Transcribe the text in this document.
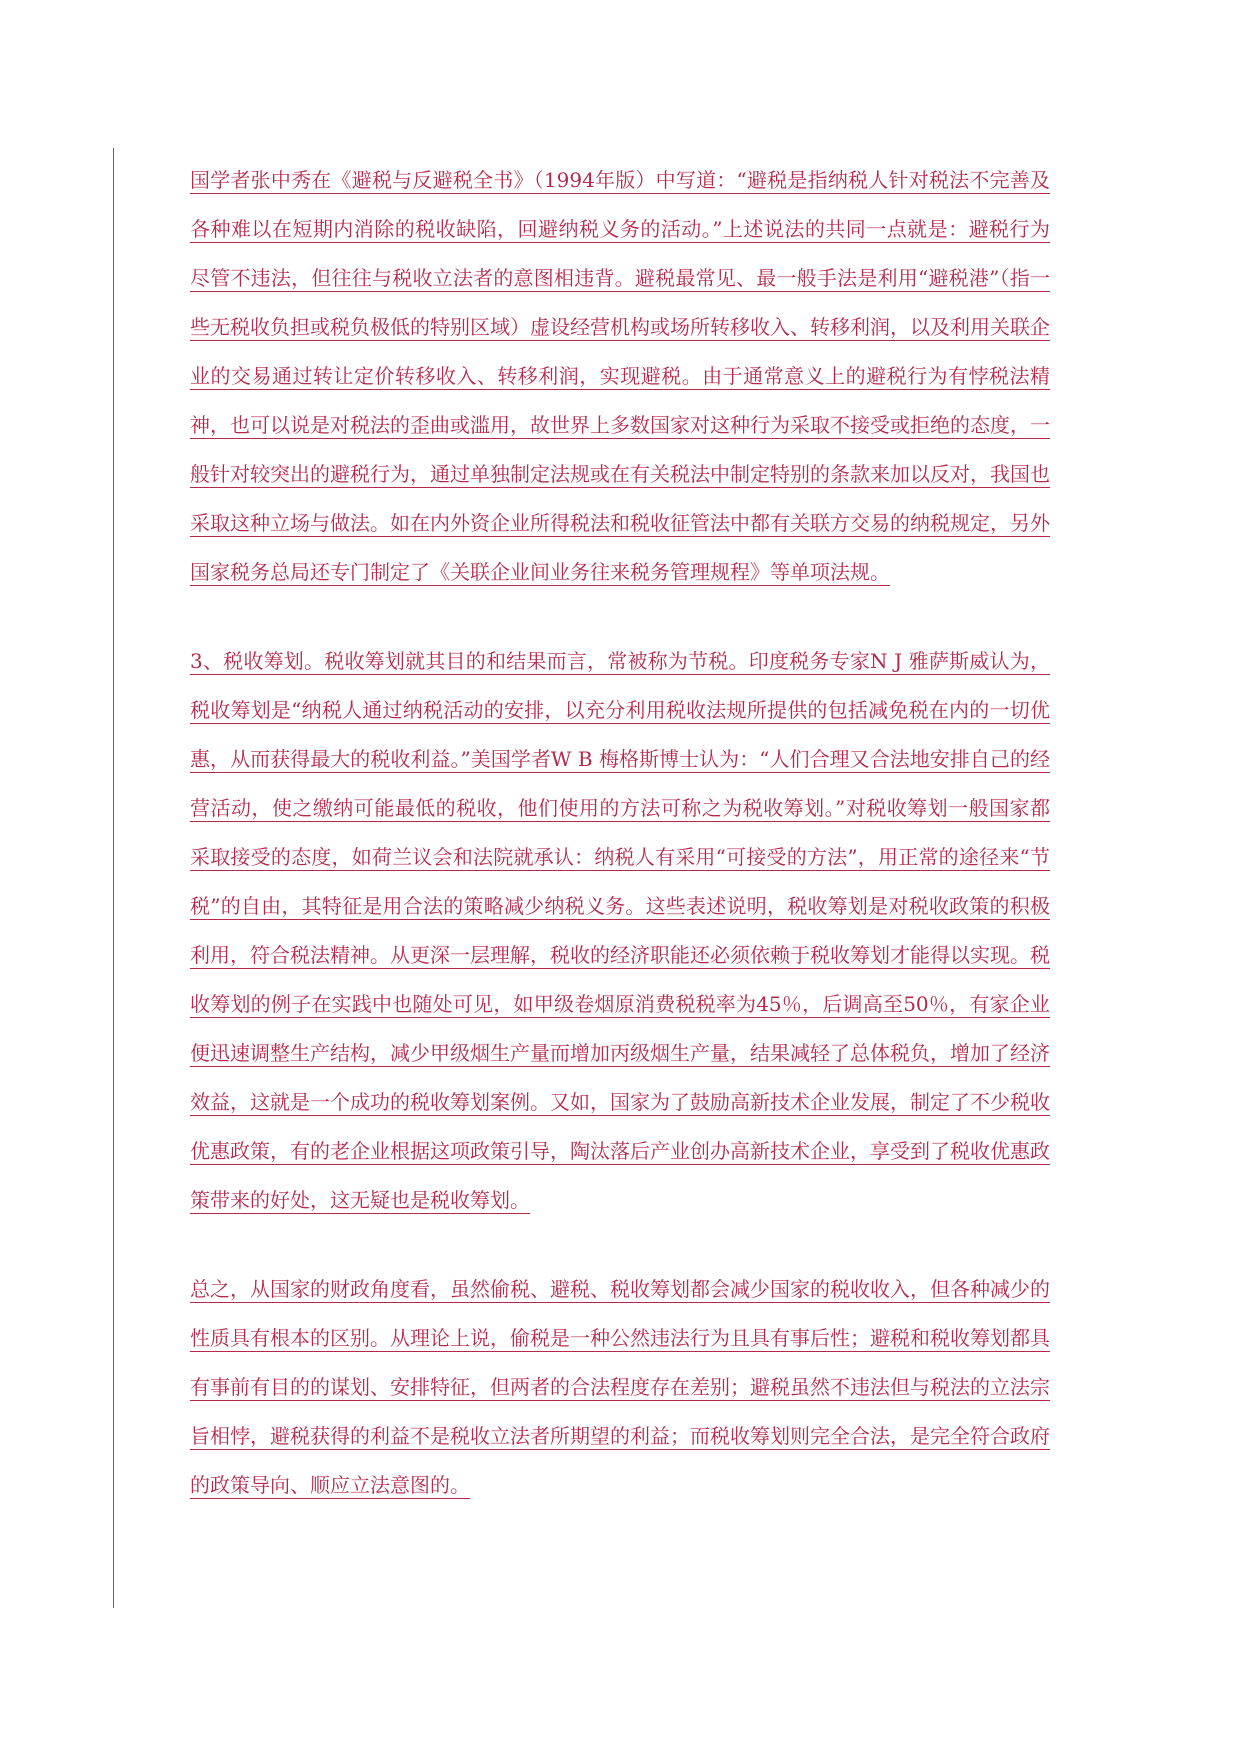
国学者张中秀在《避税与反避税全书》（1994年版）中写道：“避税是指纳税人针对税法不完善及各种难以在短期内消除的税收缺陷，回避纳税义务的活动。”上述说法的共同一点就是：避税行为尽管不违法，但往往与税收立法者的意图相违背。避税最常见、最一般手法是利用“避税港”（指一些无税收负担或税负极低的特别区域）虚设经营机构或场所转移收入、转移利润，以及利用关联企业的交易通过转让定价转移收入、转移利润，实现避税。由于通常意义上的避税行为有悖税法精神，也可以说是对税法的歪曲或滥用，故世界上多数国家对这种行为采取不接受或拒绝的态度，一般针对较突出的避税行为，通过单独制定法规或在有关税法中制定特别的条款来加以反对，我国也采取这种立场与做法。如在内外资企业所得税法和税收征管法中都有关联方交易的纳税规定，另外国家税务总局还专门制定了《关联企业间业务往来税务管理规程》等单项法规。

3、税收筹划。税收筹划就其目的和结果而言，常被称为节税。印度税务专家N J 雅萨斯威认为，税收筹划是“纳税人通过纳税活动的安排，以充分利用税收法规所提供的包括减免税在内的一切优惠，从而获得最大的税收利益。”美国学者W B 梅格斯博士认为：“人们合理又合法地安排自己的经营活动，使之缴纳可能最低的税收，他们使用的方法可称之为税收筹划。”对税收筹划一般国家都采取接受的态度，如荷兰议会和法院就承认：纳税人有采用“可接受的方法”，用正常的途径来“节税”的自由，其特征是用合法的策略减少纳税义务。这些表述说明，税收筹划是对税收政策的积极利用，符合税法精神。从更深一层理解，税收的经济职能还必须依赖于税收筹划才能得以实现。税收筹划的例子在实践中也随处可见，如甲级卷烟原消费税税率为45％，后调高至50％，有家企业便迅速调整生产结构，减少甲级烟生产量而增加丙级烟生产量，结果减轻了总体税负，增加了经济效益，这就是一个成功的税收筹划案例。又如，国家为了鼓励高新技术企业发展，制定了不少税收优惠政策，有的老企业根据这项政策引导，陶汰落后产业创办高新技术企业，享受到了税收优惠政策带来的好处，这无疑也是税收筹划。

总之，从国家的财政角度看，虽然偷税、避税、税收筹划都会减少国家的税收收入，但各种减少的性质具有根本的区别。从理论上说，偷税是一种公然违法行为且具有事后性；避税和税收筹划都具有事前有目的的谋划、安排特征，但两者的合法程度存在差别；避税虽然不违法但与税法的立法宗旨相悖，避税获得的利益不是税收立法者所期望的利益；而税收筹划则完全合法，是完全符合政府的政策导向、顺应立法意图的。
